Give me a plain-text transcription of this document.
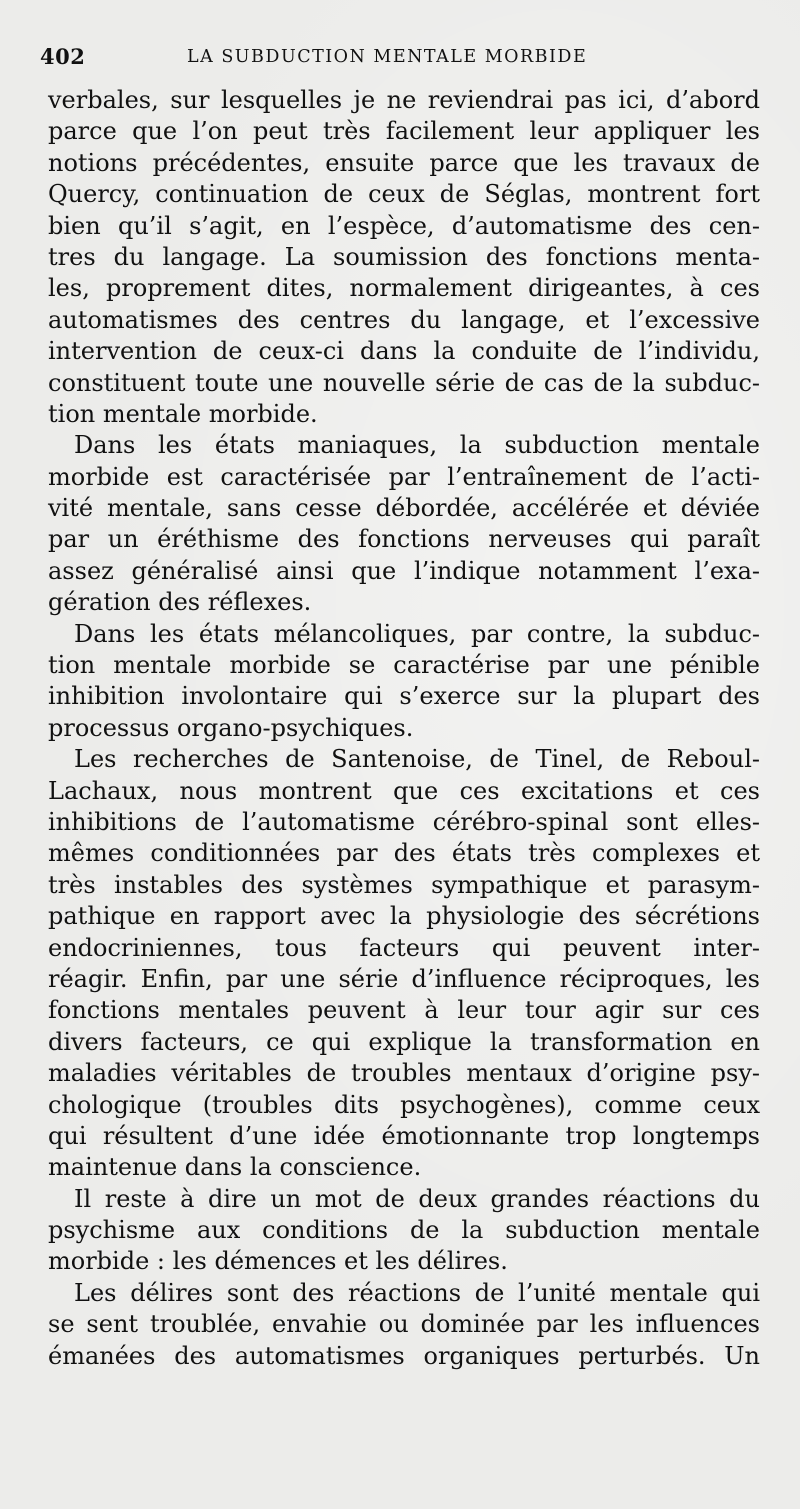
402	LA SUBDUCTION MENTALE MORBIDE
verbales, sur lesquelles je ne reviendrai pas ici, d’abord
parce que l’on peut très facilement leur appliquer les
notions précédentes, ensuite parce que les travaux de
Quercy, continuation de ceux de Séglas, montrent fort
bien qu’il s’agit, en l’espèce, d’automatisme des cen-
tres du langage. La soumission des fonctions menta-
les, proprement dites, normalement dirigeantes, à ces
automatismes des centres du langage, et l’excessive
intervention de ceux-ci dans la conduite de l’individu,
constituent toute une nouvelle série de cas de la subduc-
tion mentale morbide.
Dans les états maniaques, la subduction mentale
morbide est caractérisée par l’entraînement de l’acti-
vité mentale, sans cesse débordée, accélérée et déviée
par un éréthisme des fonctions nerveuses qui paraît
assez généralisé ainsi que l’indique notamment l’exa-
gération des réflexes.
Dans les états mélancoliques, par contre, la subduc-
tion mentale morbide se caractérise par une pénible
inhibition involontaire qui s’exerce sur la plupart des
processus organo-psychiques.
Les recherches de Santenoise, de Tinel, de Reboul-
Lachaux, nous montrent que ces excitations et ces
inhibitions de l’automatisme cérébro-spinal sont elles-
mêmes conditionnées par des états très complexes et
très instables des systèmes sympathique et parasym-
pathique en rapport avec la physiologie des sécrétions
endocriniennes, tous facteurs qui peuvent inter-
réagir. Enfin, par une série d’influence réciproques, les
fonctions mentales peuvent à leur tour agir sur ces
divers facteurs, ce qui explique la transformation en
maladies véritables de troubles mentaux d’origine psy-
chologique (troubles dits psychogènes), comme ceux
qui résultent d’une idée émotionnante trop longtemps
maintenue dans la conscience.
Il reste à dire un mot de deux grandes réactions du
psychisme aux conditions de la subduction mentale
morbide : les démences et les délires.
Les délires sont des réactions de l’unité mentale qui
se sent troublée, envahie ou dominée par les influences
émanées des automatismes organiques perturbés. Un
